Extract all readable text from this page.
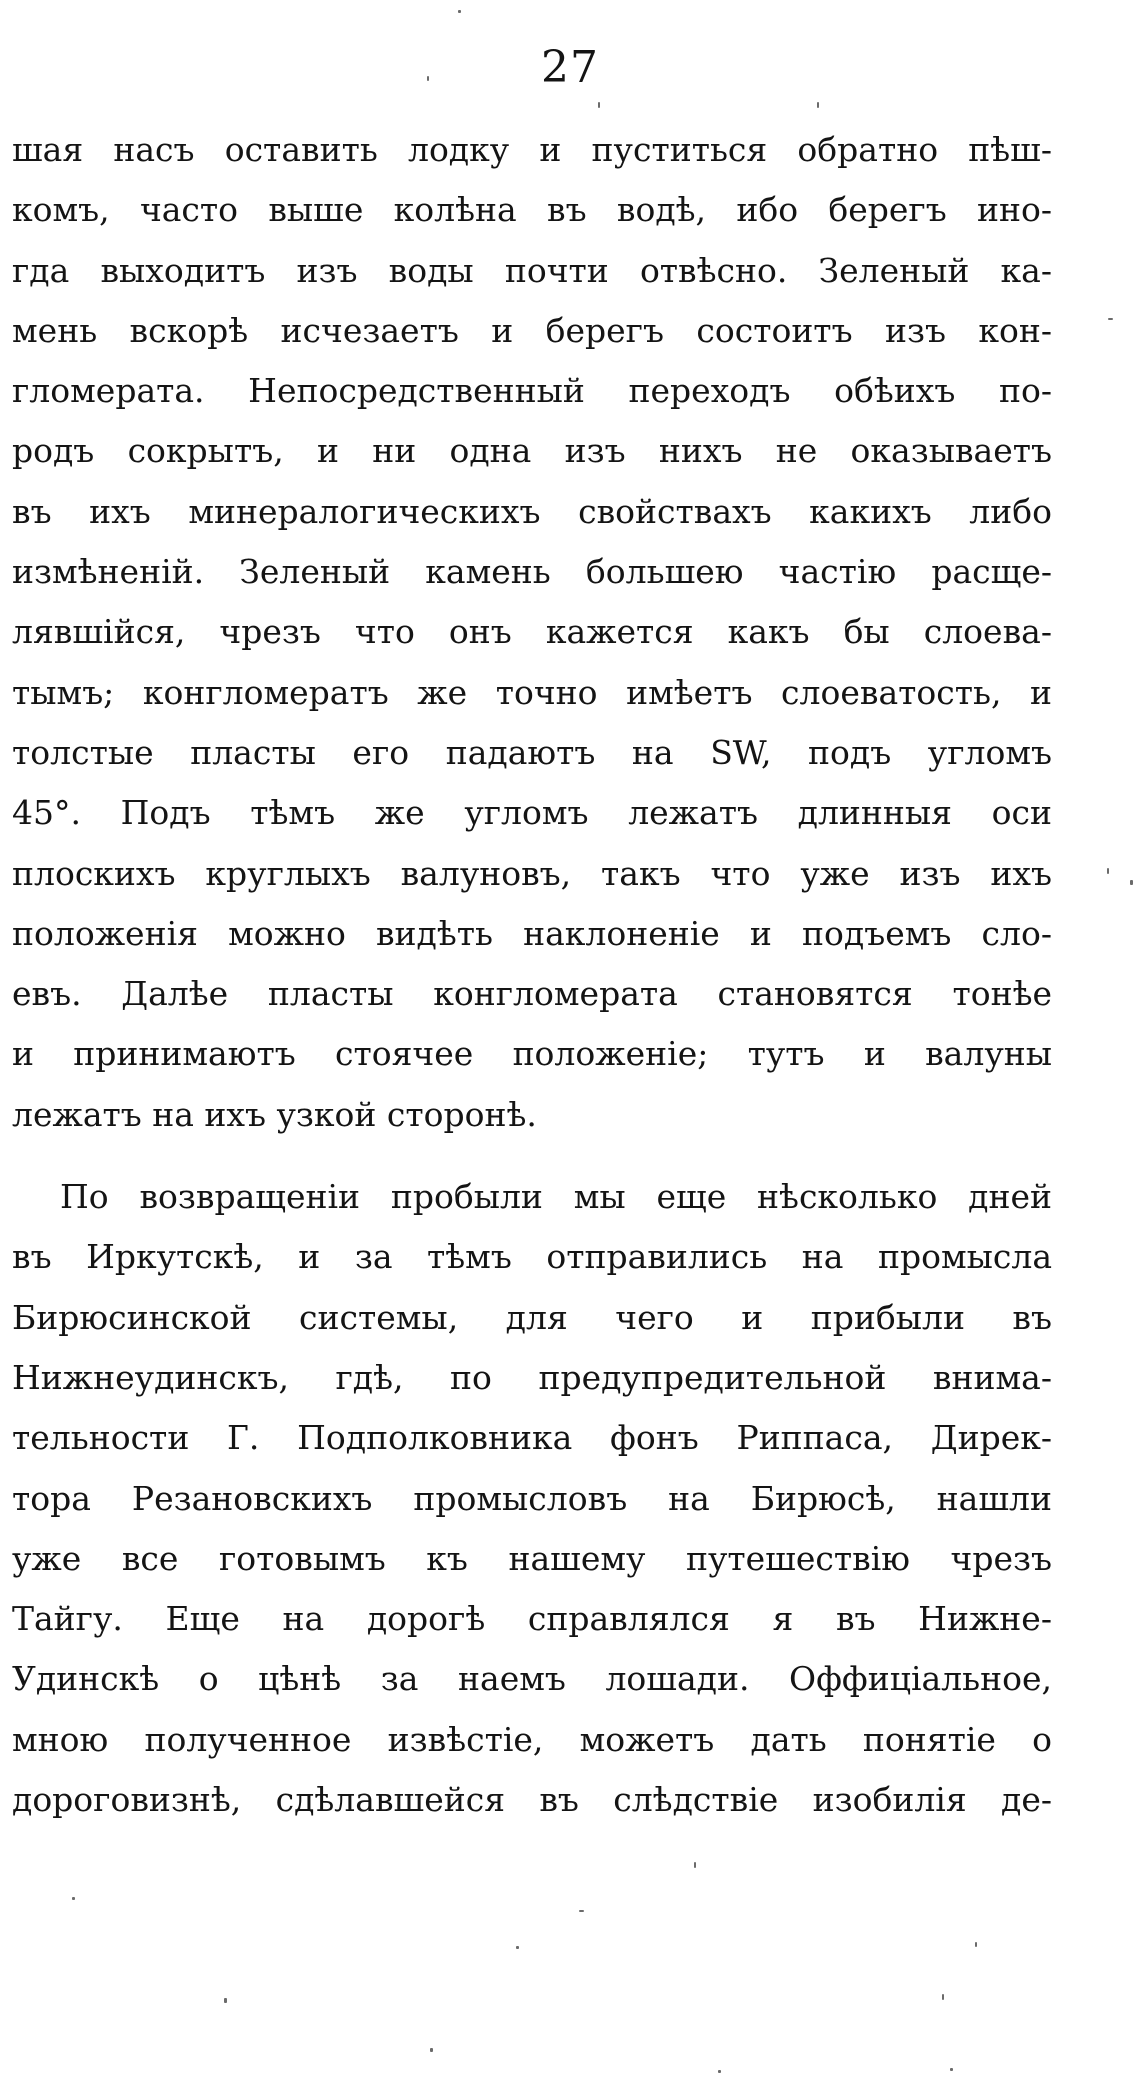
27
шая насъ оставить лодку и пуститься обратно пѣш-
комъ, часто выше колѣна въ водѣ, ибо берегъ ино-
гда выходитъ изъ воды почти отвѣсно. Зеленый ка-
мень вскорѣ исчезаетъ и берегъ состоитъ изъ кон-
гломерата. Непосредственный переходъ обѣихъ по-
родъ сокрытъ, и ни одна изъ нихъ не оказываетъ
въ ихъ минералогическихъ свойствахъ какихъ либо
измѣненій. Зеленый камень большею частію расще-
лявшійся, чрезъ что онъ кажется какъ бы слоева-
тымъ; конгломератъ же точно имѣетъ слоеватость, и
толстые пласты его падаютъ на SW, подъ угломъ
45°. Подъ тѣмъ же угломъ лежатъ длинныя оси
плоскихъ круглыхъ валуновъ, такъ что уже изъ ихъ
положенія можно видѣть наклоненіе и подъемъ сло-
евъ. Далѣе пласты конгломерата становятся тонѣе
и принимаютъ стоячее положеніе; тутъ и валуны
лежатъ на ихъ узкой сторонѣ.
По возвращеніи пробыли мы еще нѣсколько дней
въ Иркутскѣ, и за тѣмъ отправились на промысла
Бирюсинской системы, для чего и прибыли въ
Нижнеудинскъ, гдѣ, по предупредительной внима-
тельности Г. Подполковника фонъ Риппаса, Дирек-
тора Резановскихъ промысловъ на Бирюсѣ, нашли
уже все готовымъ къ нашему путешествію чрезъ
Тайгу. Еще на дорогѣ справлялся я въ Нижне-
Удинскѣ о цѣнѣ за наемъ лошади. Оффиціальное,
мною полученное извѣстіе, можетъ дать понятіе о
дороговизнѣ, сдѣлавшейся въ слѣдствіе изобилія де-
